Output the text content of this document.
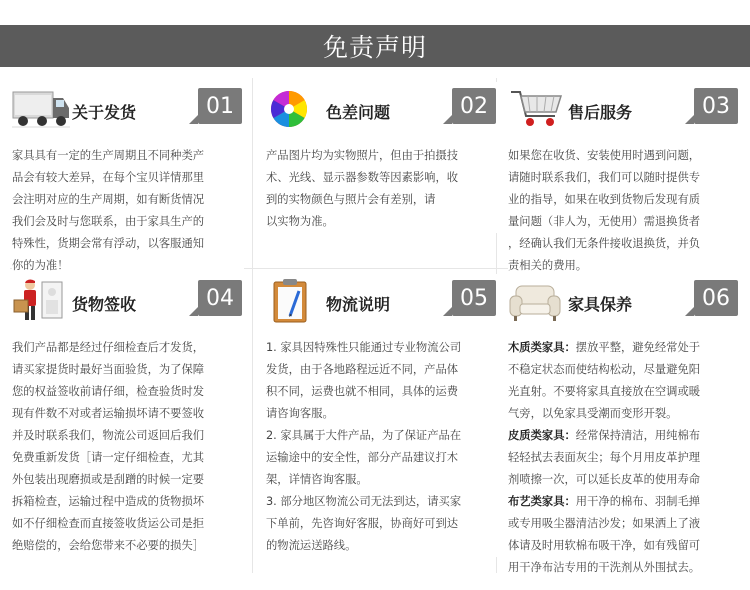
免责声明
关于发货	01

家具具有一定的生产周期且不同种类产

品会有较大差异，在每个宝贝详情那里

会注明对应的生产周期，如有断货情况

我们会及时与您联系，由于家具生产的

特殊性，货期会常有浮动，以客服通知

你的为准！

色差问题	02

产品图片均为实物照片，但由于拍摄技

术、光线、显示器参数等因素影响，收

到的实物颜色与照片会有差别，请

以实物为准。

售后服务	03

如果您在收货、安装使用时遇到问题，

请随时联系我们，我们可以随时提供专

业的指导，如果在收到货物后发现有质

量问题（非人为，无使用）需退换货者

，经确认我们无条件接收退换货，并负

责相关的费用。

货物签收	04

我们产品都是经过仔细检查后才发货，

请买家提货时最好当面验货，为了保障

您的权益签收前请仔细，检查验货时发

现有件数不对或者运输损坏请不要签收

并及时联系我们，物流公司返回后我们

免费重新发货［请一定仔细检查，尤其

外包装出现磨损或是刮蹭的时候一定要

拆箱检查，运输过程中造成的货物损坏

如不仔细检查而直接签收货运公司是拒

绝赔偿的，会给您带来不必要的损失］

物流说明	05

1. 家具因特殊性只能通过专业物流公司

发货，由于各地路程远近不同，产品体

积不同，运费也就不相同，具体的运费

请咨询客服。

2. 家具属于大件产品，为了保证产品在

运输途中的安全性，部分产品建议打木

架，详情咨询客服。

3. 部分地区物流公司无法到达，请买家

下单前，先咨询好客服，协商好可到达

的物流运送路线。

家具保养	06

木质类家具：摆放平整，避免经常处于

不稳定状态而使结构松动，尽量避免阳

光直射。不要将家具直接放在空调或暖

气旁，以免家具受潮而变形开裂。

皮质类家具：经常保持清洁，用纯棉布

轻轻拭去表面灰尘；每个月用皮革护理

剂喷擦一次，可以延长皮革的使用寿命

布艺类家具：用干净的棉布、羽制毛掸

或专用吸尘器清洁沙发；如果洒上了液

体请及时用软棉布吸干净，如有残留可

用干净布沾专用的干洗剂从外围拭去。
